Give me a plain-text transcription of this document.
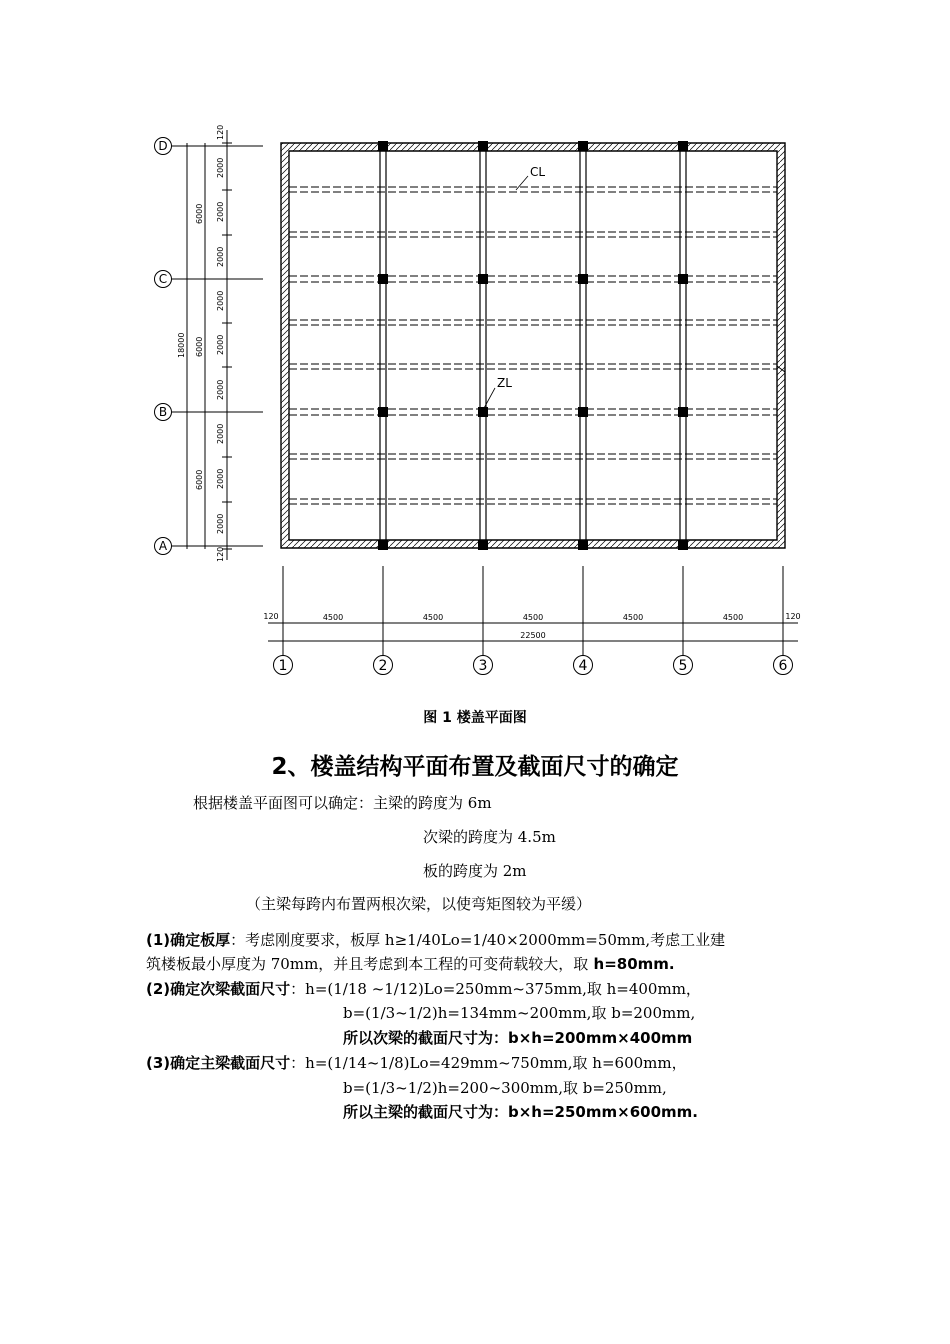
CL
ZL
120
120
2000
2000
2000
2000
2000
2000
2000
2000
2000
6000
6000
6000
18000
120	120
4500	4500	4500	4500	4500
22500
D
C
B
A
1	2	3	4	5	6
图 1 楼盖平面图
2、楼盖结构平面布置及截面尺寸的确定
根据楼盖平面图可以确定：主梁的跨度为 6m
次梁的跨度为 4.5m
板的跨度为 2m
（主梁每跨内布置两根次梁，以使弯矩图较为平缓）
(1)确定板厚：考虑刚度要求，板厚 h≥1/40Lo=1/40×2000mm=50mm,考虑工业建
筑楼板最小厚度为 70mm，并且考虑到本工程的可变荷载较大，取 h=80mm.
(2)确定次梁截面尺寸：h=(1/18 ~1/12)Lo=250mm~375mm,取 h=400mm，
b=(1/3~1/2)h=134mm~200mm,取 b=200mm,
所以次梁的截面尺寸为：b×h=200mm×400mm
(3)确定主梁截面尺寸：h=(1/14~1/8)Lo=429mm~750mm,取 h=600mm，
b=(1/3~1/2)h=200~300mm,取 b=250mm,
所以主梁的截面尺寸为：b×h=250mm×600mm.
